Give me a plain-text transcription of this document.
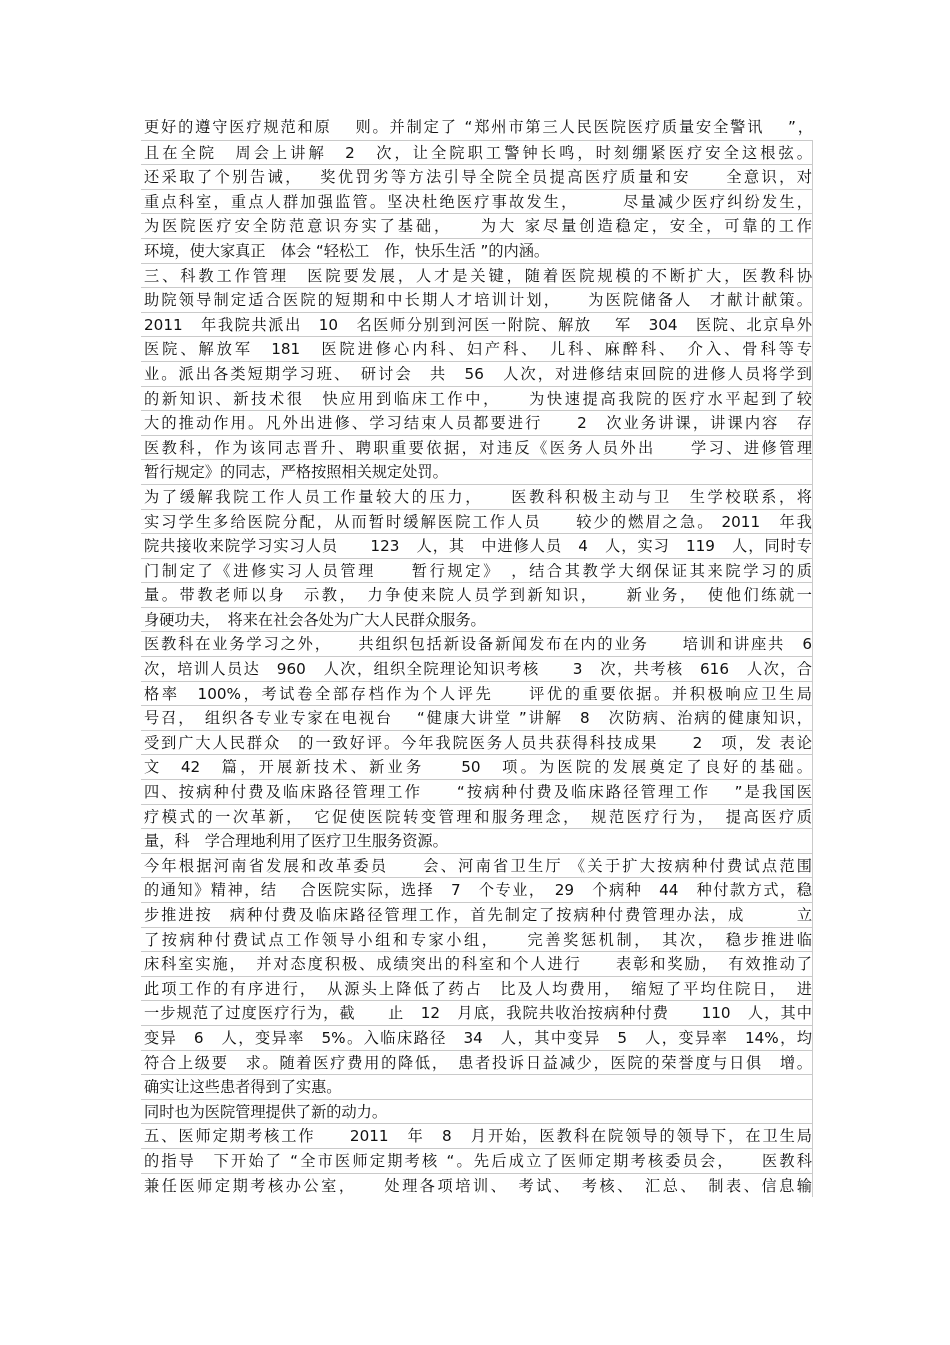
更好的遵守医疗规范和原　 则。并制定了 “郑州市第三人民医院医疗质量安全警讯　 ”，
且在全院　周会上讲解　2　次，让全院职工警钟长鸣，时刻绷紧医疗安全这根弦。
还采取了个别告诫，　 奖优罚劣等方法引导全院全员提高医疗质量和安　　全意识，对
重点科室，重点人群加强监管。坚决杜绝医疗事故发生，　　　尽量减少医疗纠纷发生，
为医院医疗安全防范意识夯实了基础，　　为大 家尽量创造稳定，安全，可靠的工作
环境，使大家真正　体会 “轻松工　作，快乐生活 ”的内涵。
三、科教工作管理　医院要发展，人才是关键，随着医院规模的不断扩大，医教科协
助院领导制定适合医院的短期和中长期人才培训计划，　　为医院储备人　才献计献策。
2011　年我院共派出　10　名医师分别到河医一附院、解放　 军　304　医院、北京阜外
医院、解放军　181　医院进修心内科、妇产科、　儿科、麻醉科、　介入、骨科等专
业。派出各类短期学习班、　研讨会　共　56　人次，对进修结束回院的进修人员将学到
的新知识、新技术很　快应用到临床工作中，　　为快速提高我院的医疗水平起到了较
大的推动作用。凡外出进修、学习结束人员都要进行　　2　次业务讲课，讲课内容　存
医教科，作为该同志晋升、聘职重要依据，对违反《医务人员外出　　学习、进修管理
暂行规定》的同志，严格按照相关规定处罚。
为了缓解我院工作人员工作量较大的压力，　　医教科积极主动与卫　生学校联系，将
实习学生多给医院分配，从而暂时缓解医院工作人员　　较少的燃眉之急。 2011　年我
院共接收来院学习实习人员　　123　人，其　中进修人员　4　人，实习　119　人，同时专
门制定了《进修实习人员管理　　暂行规定》　，结合其教学大纲保证其来院学习的质
量。带教老师以身　示教，　力争使来院人员学到新知识，　　新业务，　使他们练就一
身硬功夫，　将来在社会各处为广大人民群众服务。
医教科在业务学习之外，　　共组织包括新设备新闻发布在内的业务　　培训和讲座共　6
次，培训人员达　960　人次，组织全院理论知识考核　　3　次，共考核　616　人次，合
格率　100%，考试卷全部存档作为个人评先　　评优的重要依据。并积极响应卫生局
号召，　组织各专业专家在电视台　 “健康大讲堂 ”讲解　8　次防病、治病的健康知识，
受到广大人民群众　的一致好评。今年我院医务人员共获得科技成果　　2　项，发 表论
文　42　篇，开展新技术、新业务　　50　项。为医院的发展奠定了良好的基础。
四、按病种付费及临床路径管理工作　　“按病种付费及临床路径管理工作　 ”是我国医
疗模式的一次革新，　它促使医院转变管理和服务理念，　规范医疗行为，　提高医疗质
量，科　学合理地利用了医疗卫生服务资源。
今年根据河南省发展和改革委员　　会、河南省卫生厅 《关于扩大按病种付费试点范围
的通知》精神，结　 合医院实际，选择　7　个专业，　29　个病种　44　种付款方式，稳
步推进按　病种付费及临床路径管理工作，首先制定了按病种付费管理办法，成　　　立
了按病种付费试点工作领导小组和专家小组，　　完善奖惩机制，　其次，　稳步推进临
床科室实施，　并对态度积极、成绩突出的科室和个人进行　　表彰和奖励，　有效推动了
此项工作的有序进行，　从源头上降低了药占　比及人均费用，　缩短了平均住院日，　进
一步规范了过度医疗行为，截　　止　12　月底，我院共收治按病种付费　　110　人，其中
变异　6　人，变异率　5%。入临床路径　34　人，其中变异　5　人，变异率　14%，均
符合上级要　求。随着医疗费用的降低，　患者投诉日益减少，医院的荣誉度与日俱　增。
确实让这些患者得到了实惠。
同时也为医院管理提供了新的动力。
五、医师定期考核工作　　2011　年　8　月开始，医教科在院领导的领导下，在卫生局
的指导　下开始了 “全市医师定期考核 “。先后成立了医师定期考核委员会，　　医教科
兼任医师定期考核办公室，　　处理各项培训、　考试、　考核、　汇总、　制表、信息输
